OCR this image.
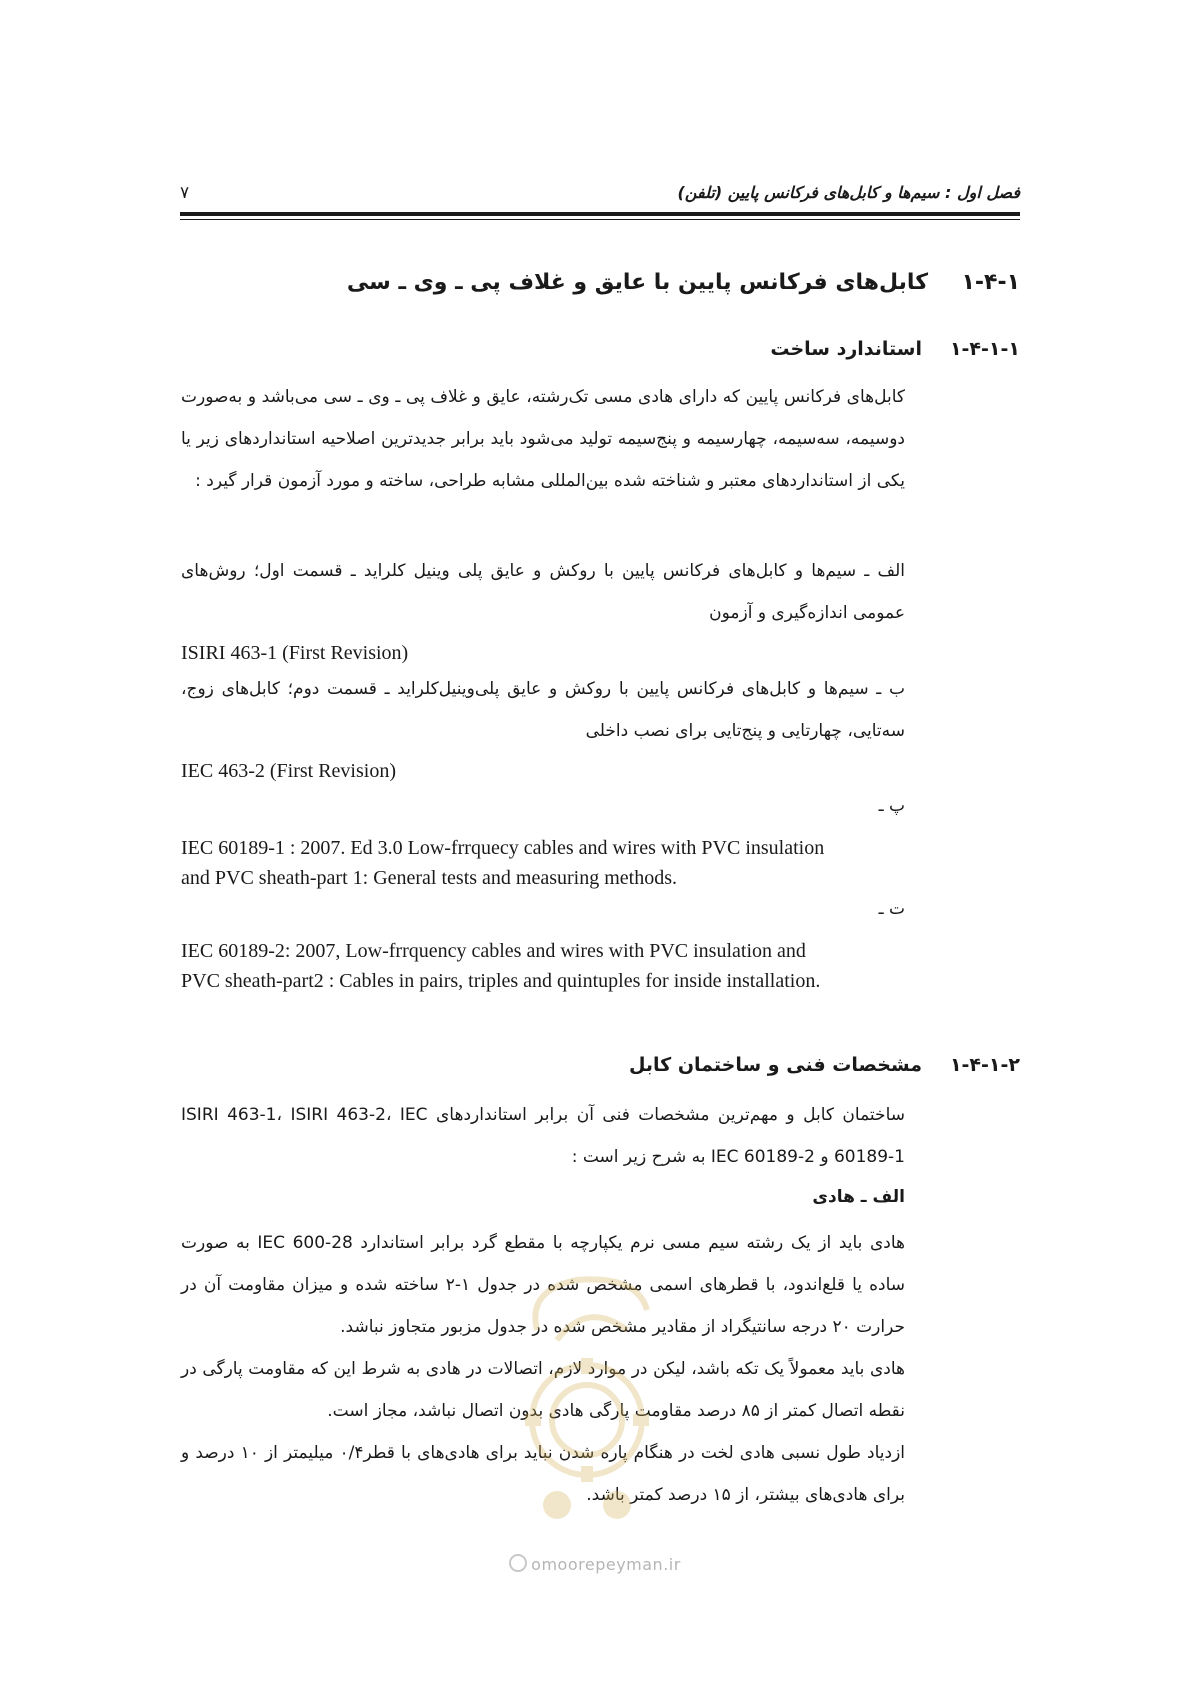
۷	فصل اول : سیم‌ها و کابل‌های فرکانس پایین (تلفن)
۱-۴-۱
کابل‌های فرکانس پایین با عایق و غلاف پی ـ وی ـ سی
۱-۴-۱-۱
استاندارد ساخت
کابل‌های فرکانس پایین که دارای هادی مسی تک‌رشته، عایق و غلاف پی ـ وی ـ سی می‌باشد و به‌صورت دوسیمه، سه‌سیمه، چهارسیمه و پنج‌سیمه تولید می‌شود باید برابر جدیدترین اصلاحیه استانداردهای زیر یا یکی از استانداردهای معتبر و شناخته شده بین‌المللی مشابه طراحی، ساخته و مورد آزمون قرار گیرد :
الف ـ سیم‌ها و کابل‌های فرکانس پایین با روکش و عایق پلی وینیل کلراید ـ قسمت اول؛ روش‌های عمومی اندازه‌گیری و آزمون
ISIRI 463-1 (First Revision)
ب ـ سیم‌ها و کابل‌های فرکانس پایین با روکش و عایق پلی‌وینیل‌کلراید ـ قسمت دوم؛ کابل‌های زوج، سه‌تایی، چهارتایی و پنج‌تایی برای نصب داخلی
IEC 463-2 (First Revision)
پ ـ
IEC 60189-1 : 2007. Ed 3.0 Low-frrquecy cables and wires with PVC insulation and PVC sheath-part 1: General tests and measuring methods.
ت ـ
IEC 60189-2: 2007, Low-frrquency cables and wires with PVC insulation and PVC sheath-part2 : Cables in pairs, triples and quintuples for inside installation.
۱-۴-۱-۲
مشخصات فنی و ساختمان کابل
ساختمان کابل و مهم‌ترین مشخصات فنی آن برابر استانداردهای ISIRI 463-1، ISIRI 463-2، IEC 60189-1 و IEC 60189-2 به شرح زیر است :
الف ـ هادی
هادی باید از یک رشته سیم مسی نرم یکپارچه با مقطع گرد برابر استاندارد IEC 600-28 به صورت ساده یا قلع‌اندود، با قطرهای اسمی مشخص شده در جدول ۱-۲ ساخته شده و میزان مقاومت آن در حرارت ۲۰ درجه سانتیگراد از مقادیر مشخص شده در جدول مزبور متجاوز نباشد.
هادی باید معمولاً یک تکه باشد، لیکن در موارد لازم، اتصالات در هادی به شرط این که مقاومت پارگی در نقطه اتصال کمتر از ۸۵ درصد مقاومت پارگی هادی بدون اتصال نباشد، مجاز است.
ازدیاد طول نسبی هادی لخت در هنگام پاره شدن نباید برای هادی‌های با قطر۰/۴ میلیمتر از ۱۰ درصد و برای هادی‌های بیشتر، از ۱۵ درصد کمتر باشد.
omoorepeyman.ir
